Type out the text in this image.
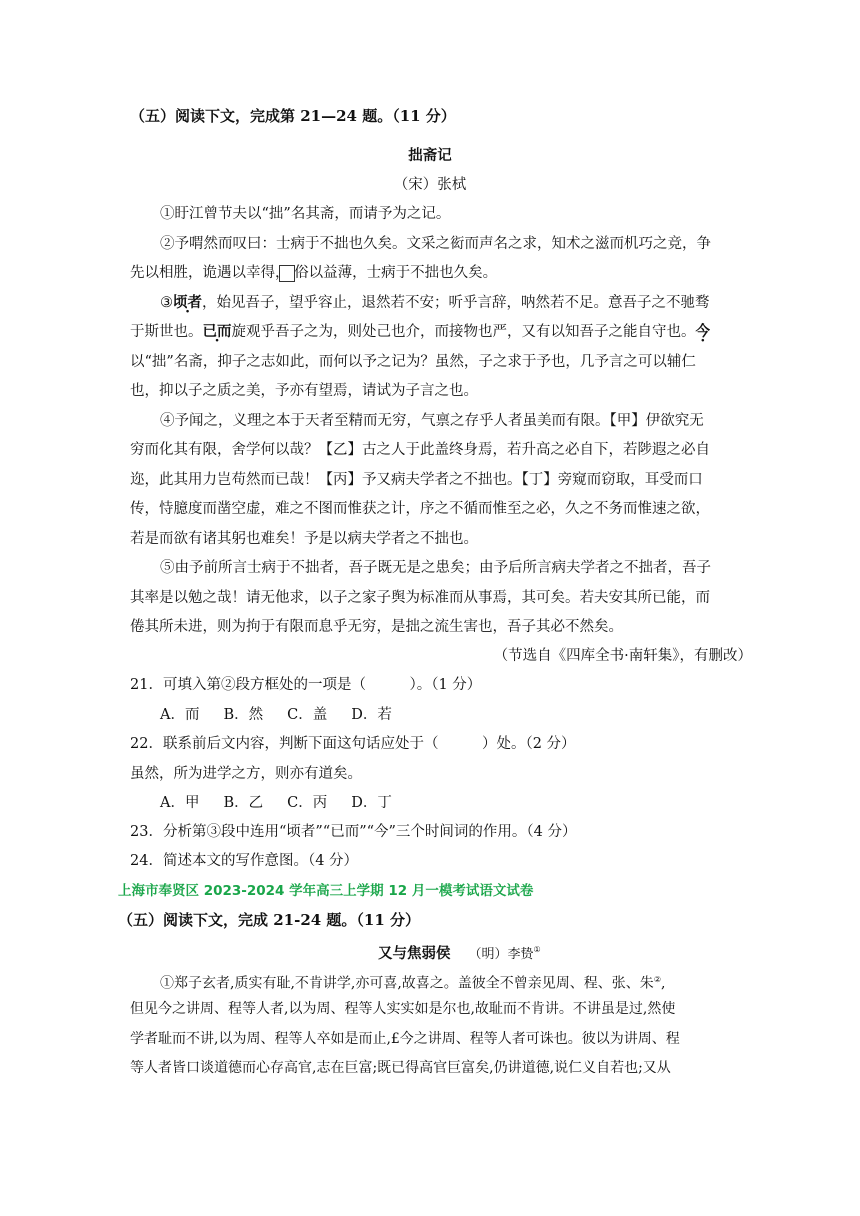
（五）阅读下文，完成第 21—24 题。（11 分）
拙斋记
（宋）张栻
①盱江曾节夫以“拙”名其斋，而请予为之记。
②予喟然而叹曰：士病于不拙也久矣。文采之衒而声名之求，知术之滋而机巧之竞，争
先以相胜，诡遇以幸得， 俗以益薄，士病于不拙也久矣。
③顷者，始见吾子，望乎容止，退然若不安；听乎言辞，呐然若不足。意吾子之不驰骛
于斯世也。已而旋观乎吾子之为，则处己也介，而接物也严，又有以知吾子之能自守也。今
以“拙”名斋，抑子之志如此，而何以予之记为？虽然，子之求于予也，几予言之可以辅仁
也，抑以子之质之美，予亦有望焉，请试为子言之也。
④予闻之，义理之本于天者至精而无穷，气禀之存乎人者虽美而有限。【甲】伊欲究无
穷而化其有限，舍学何以哉？【乙】古之人于此盖终身焉，若升高之必自下，若陟遐之必自
迩，此其用力岂苟然而已哉！【丙】予又病夫学者之不拙也。【丁】旁窥而窃取，耳受而口
传，恃臆度而凿空虚，难之不图而惟获之计，序之不循而惟至之必，久之不务而惟速之欲，
若是而欲有诸其躬也难矣！予是以病夫学者之不拙也。
⑤由予前所言士病于不拙者，吾子既无是之患矣；由予后所言病夫学者之不拙者，吾子
其率是以勉之哉！请无他求，以子之家子舆为标准而从事焉，其可矣。若夫安其所已能，而
倦其所未进，则为拘于有限而息乎无穷，是拙之流生害也，吾子其必不然矣。
（节选自《四库全书·南轩集》，有删改）
21．可填入第②段方框处的一项是（　　　）。（1 分）
A．而 B．然 C．盖 D．若
22．联系前后文内容，判断下面这句话应处于（　　　）处。（2 分）
虽然，所为进学之方，则亦有道矣。
A．甲 B．乙 C．丙 D．丁
23．分析第③段中连用“顷者”“已而”“今”三个时间词的作用。（4 分）
24．简述本文的写作意图。（4 分）
上海市奉贤区 2023-2024 学年高三上学期 12 月一模考试语文试卷
（五）阅读下文，完成 21-24 题。（11 分）
又与焦弱侯 （明）李贽①
①郑子玄者,质实有耻,不肯讲学,亦可喜,故喜之。盖彼全不曾亲见周、程、张、朱②,
但见今之讲周、程等人者,以为周、程等人实实如是尔也,故耻而不肯讲。不讲虽是过,然使
学者耻而不讲,以为周、程等人卒如是而止,£今之讲周、程等人者可诛也。彼以为讲周、程
等人者皆口谈道德而心存高官,志在巨富;既已得高官巨富矣,仍讲道德,说仁义自若也;又从
